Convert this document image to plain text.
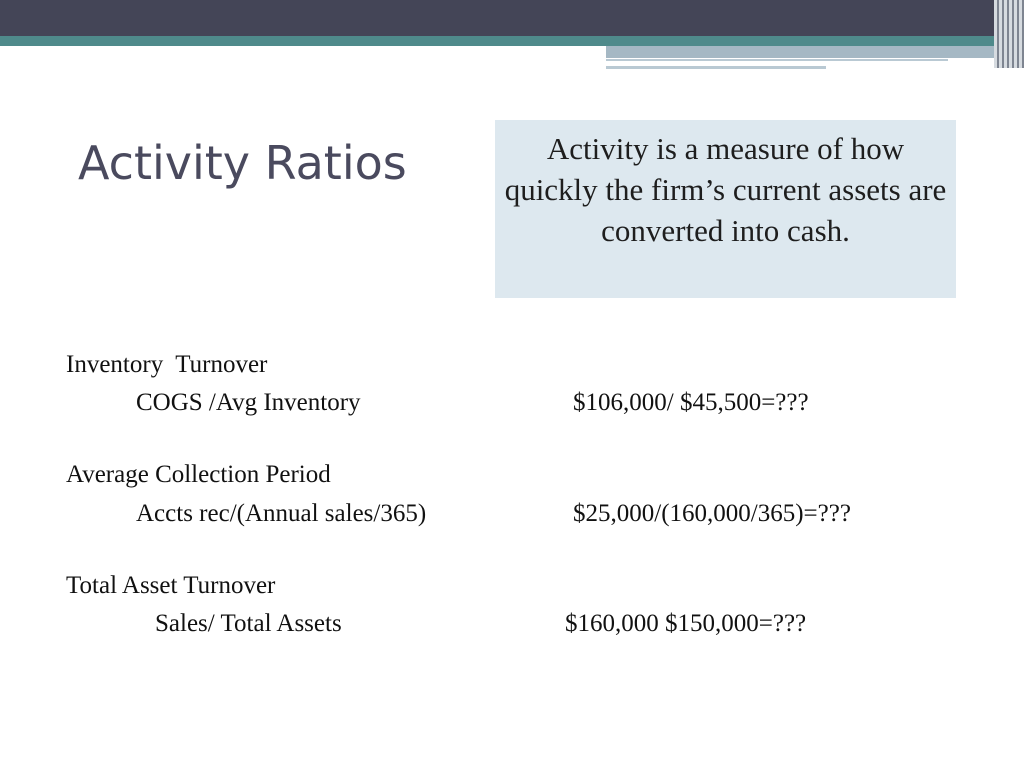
Activity Ratios	Activity is a measure of how quickly the firm’s current assets are converted into cash.

Inventory  Turnover
COGS /Avg Inventory	$106,000/ $45,500=???
Average Collection Period
Accts rec/(Annual sales/365)	$25,000/(160,000/365)=???
Total Asset Turnover
Sales/ Total Assets	$160,000 $150,000=???
